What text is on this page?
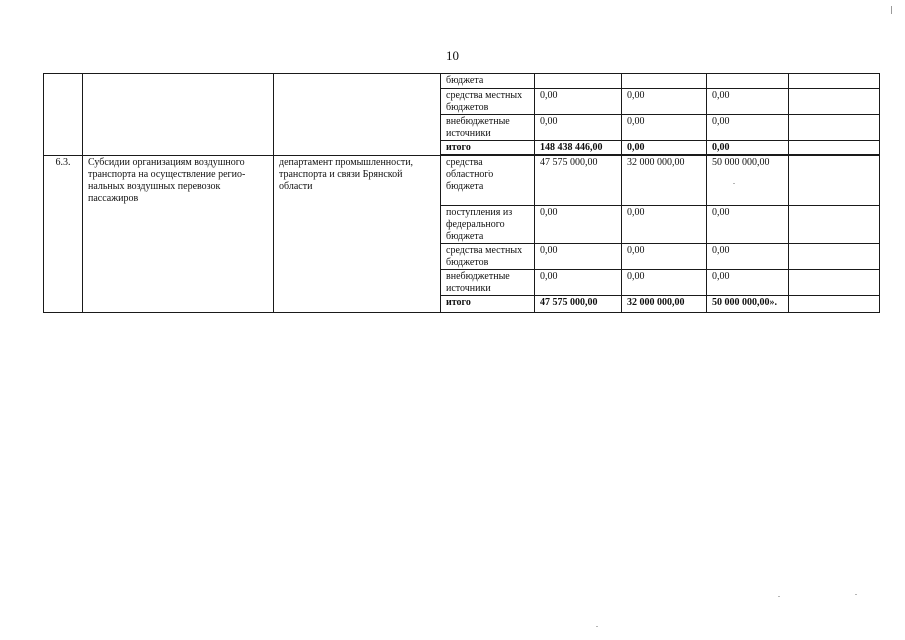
10
			бюджета				
			средства местных бюджетов	0,00	0,00	0,00	
			внебюджетные источники	0,00	0,00	0,00	
			итого	148 438 446,00	0,00	0,00	
6.3.	Субсидии организациям воздушного транспорта на осуществление регио-нальных воздушных перевозок пассажиров	департамент промышленности, транспорта и связи Брянской области	средства областного бюджета	47 575 000,00	32 000 000,00	50 000 000,00	
			поступления из федерального бюджета	0,00	0,00	0,00	
			средства местных бюджетов	0,00	0,00	0,00	
			внебюджетные источники	0,00	0,00	0,00	
			итого	47 575 000,00	32 000 000,00	50 000 000,00».	
